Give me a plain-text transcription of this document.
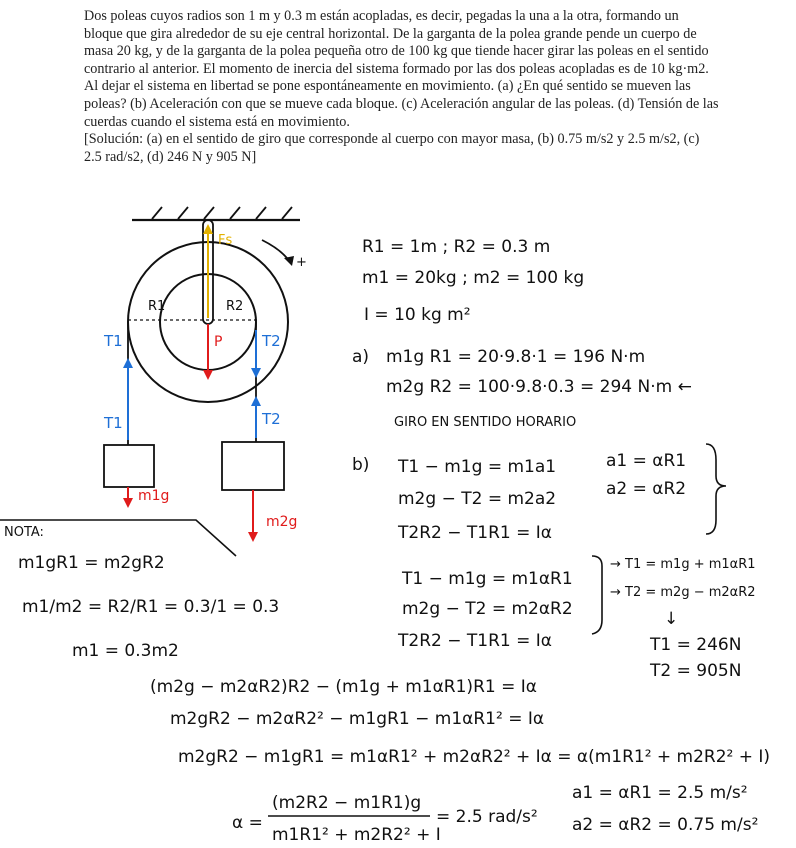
Dos poleas cuyos radios son 1 m y 0.3 m están acopladas, es decir, pegadas la una a la otra, formando un bloque que gira alrededor de su eje central horizontal. De la garganta de la polea grande pende un cuerpo de masa 20 kg, y de la garganta de la polea pequeña otro de 100 kg que tiende hacer girar las poleas en el sentido contrario al anterior. El momento de inercia del sistema formado por las dos poleas acopladas es de 10 kg·m2. Al dejar el sistema en libertad se pone espontáneamente en movimiento. (a) ¿En qué sentido se mueven las poleas? (b) Aceleración con que se mueve cada bloque. (c) Aceleración angular de las poleas. (d) Tensión de las cuerdas cuando el sistema está en movimiento.

[Solución: (a) en el sentido de giro que corresponde al cuerpo con mayor masa, (b) 0.75 m/s2 y 2.5 m/s2, (c) 2.5 rad/s2, (d) 246 N y 905 N]

+
Fs
P
R1	R2
T1
T1
T2
T2
m1g
m2g
NOTA:
m1gR1 = m2gR2
m1/m2 = R2/R1 = 0.3/1 = 0.3
m1 = 0.3m2
R1 = 1m ; R2 = 0.3 m
m1 = 20kg ; m2 = 100 kg
I = 10 kg m²
a) m1g R1 = 20·9.8·1 = 196 N·m
m2g R2 = 100·9.8·0.3 = 294 N·m ←
GIRO EN SENTIDO HORARIO
b) T1 − m1g = m1a1
m2g − T2 = m2a2
T2R2 − T1R1 = Iα
a1 = αR1
a2 = αR2
T1 − m1g = m1αR1
m2g − T2 = m2αR2
T2R2 − T1R1 = Iα
→ T1 = m1g + m1αR1
→ T2 = m2g − m2αR2
↓
T1 = 246N
T2 = 905N
(m2g − m2αR2)R2 − (m1g + m1αR1)R1 = Iα
m2gR2 − m2αR2² − m1gR1 − m1αR1² = Iα
m2gR2 − m1gR1 = m1αR1² + m2αR2² + Iα = α(m1R1² + m2R2² + I)
α =
(m2R2 − m1R1)g
m1R1² + m2R2² + I
= 2.5 rad/s²
a1 = αR1 = 2.5 m/s²
a2 = αR2 = 0.75 m/s²
